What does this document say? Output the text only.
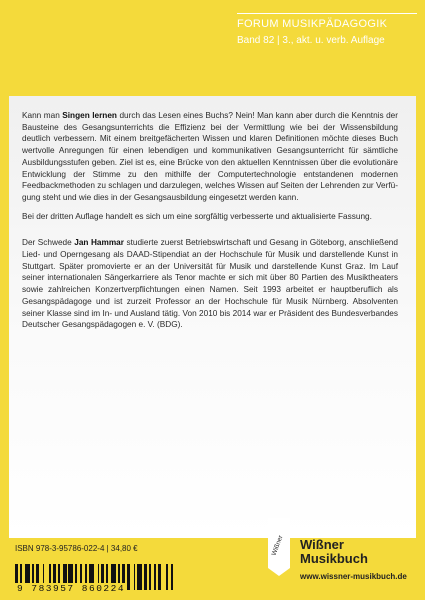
FORUM MUSIKPÄDAGOGIK
Band 82 | 3., akt. u. verb. Auflage

Kann man Singen lernen durch das Lesen eines Buchs? Nein! Man kann aber durch die Kenntnis der Bausteine des Gesangsunterrichts die Effizienz bei der Vermittlung wie bei der Wissensbildung deutlich verbessern. Mit einem breitgefächerten Wissen und klaren Definitionen möchte dieses Buch wertvolle Anregungen für einen lebendigen und kommunikativen Gesangsunterricht für sämtliche Ausbildungsstufen geben. Ziel ist es, eine Brücke von den aktuellen Kenntnissen über die evolutionäre Entwicklung der Stimme zu den mithilfe der Computertechnologie entstandenen modernen Feedbackmethoden zu schlagen und darzulegen, welches Wissen auf Seiten der Lehrenden zur Verfügung steht und wie dies in der Gesangsausbildung eingesetzt werden kann.

Bei der dritten Auflage handelt es sich um eine sorgfältig verbesserte und aktualisierte Fassung.

Der Schwede Jan Hammar studierte zuerst Betriebswirtschaft und Gesang in Göteborg, anschließend Lied- und Operngesang als DAAD-Stipendiat an der Hochschule für Musik und darstellende Kunst in Stuttgart. Später promovierte er an der Universität für Musik und darstellende Kunst Graz. Im Lauf seiner internationalen Sängerkarriere als Tenor machte er sich mit über 80 Partien des Musiktheaters sowie zahlreichen Konzertverpflichtungen einen Namen. Seit 1993 arbeitet er hauptberuflich als Gesangspädagoge und ist zurzeit Professor an der Hochschule für Musik Nürnberg. Absolventen seiner Klasse sind im In- und Ausland tätig. Von 2010 bis 2014 war er Präsident des Bundesverbandes Deutscher Gesangspädagogen e. V. (BDG).

ISBN 978-3-95786-022-4 | 34,80 €
9 783957 860224
Wißner Wißner
Musikbuch
www.wissner-musikbuch.de
